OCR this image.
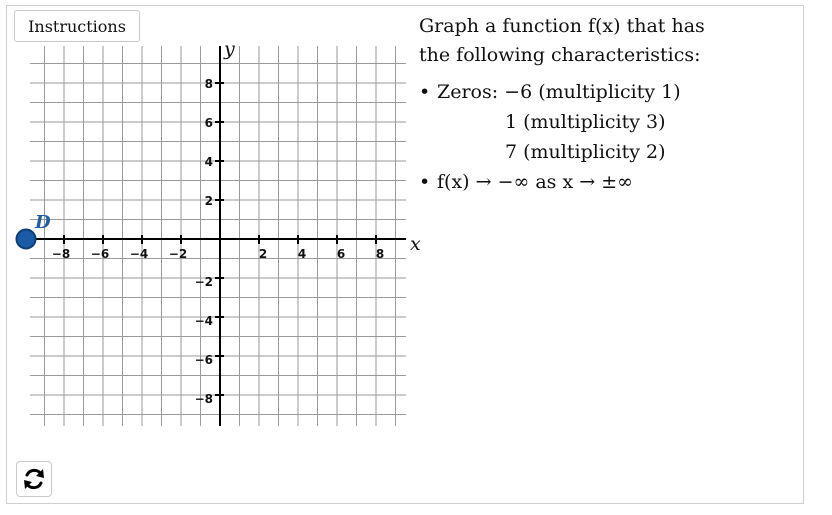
Instructions
−8 −6 −4 −2	2	4	6	8
8
6
4
2
−2
−4
−6
−8
x
y
D
Graph a function f(x) that has
the following characteristics:
• Zeros: −6 (multiplicity 1)
1 (multiplicity 3)
7 (multiplicity 2)
• f(x) → −∞ as x → ±∞
